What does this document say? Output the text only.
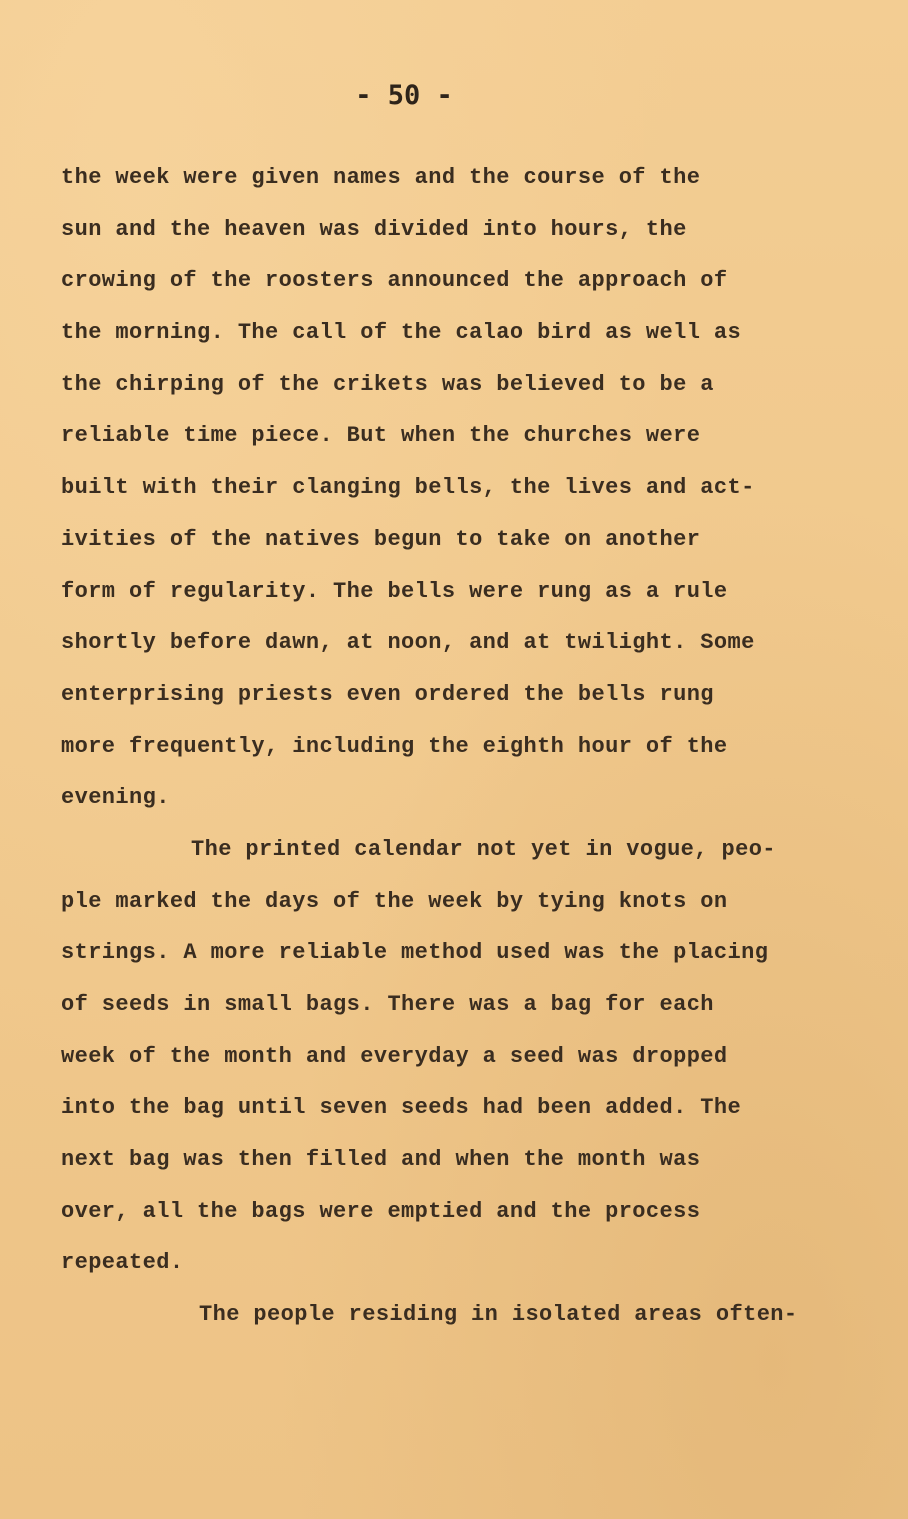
- 50 -
the week were given names and the course of the
sun and the heaven was divided into hours, the
crowing of the roosters announced the approach of
the morning. The call of the calao bird as well as
the chirping of the crikets was believed to be a
reliable time piece. But when the churches were
built with their clanging bells, the lives and act-
ivities of the natives begun to take on another
form of regularity. The bells were rung as a rule
shortly before dawn, at noon, and at twilight. Some
enterprising priests even ordered the bells rung
more frequently, including the eighth hour of the
evening.
The printed calendar not yet in vogue, peo-
ple marked the days of the week by tying knots on
strings. A more reliable method used was the placing
of seeds in small bags. There was a bag for each
week of the month and everyday a seed was dropped
into the bag until seven seeds had been added. The
next bag was then filled and when the month was
over, all the bags were emptied and the process
repeated.
The people residing in isolated areas often-
